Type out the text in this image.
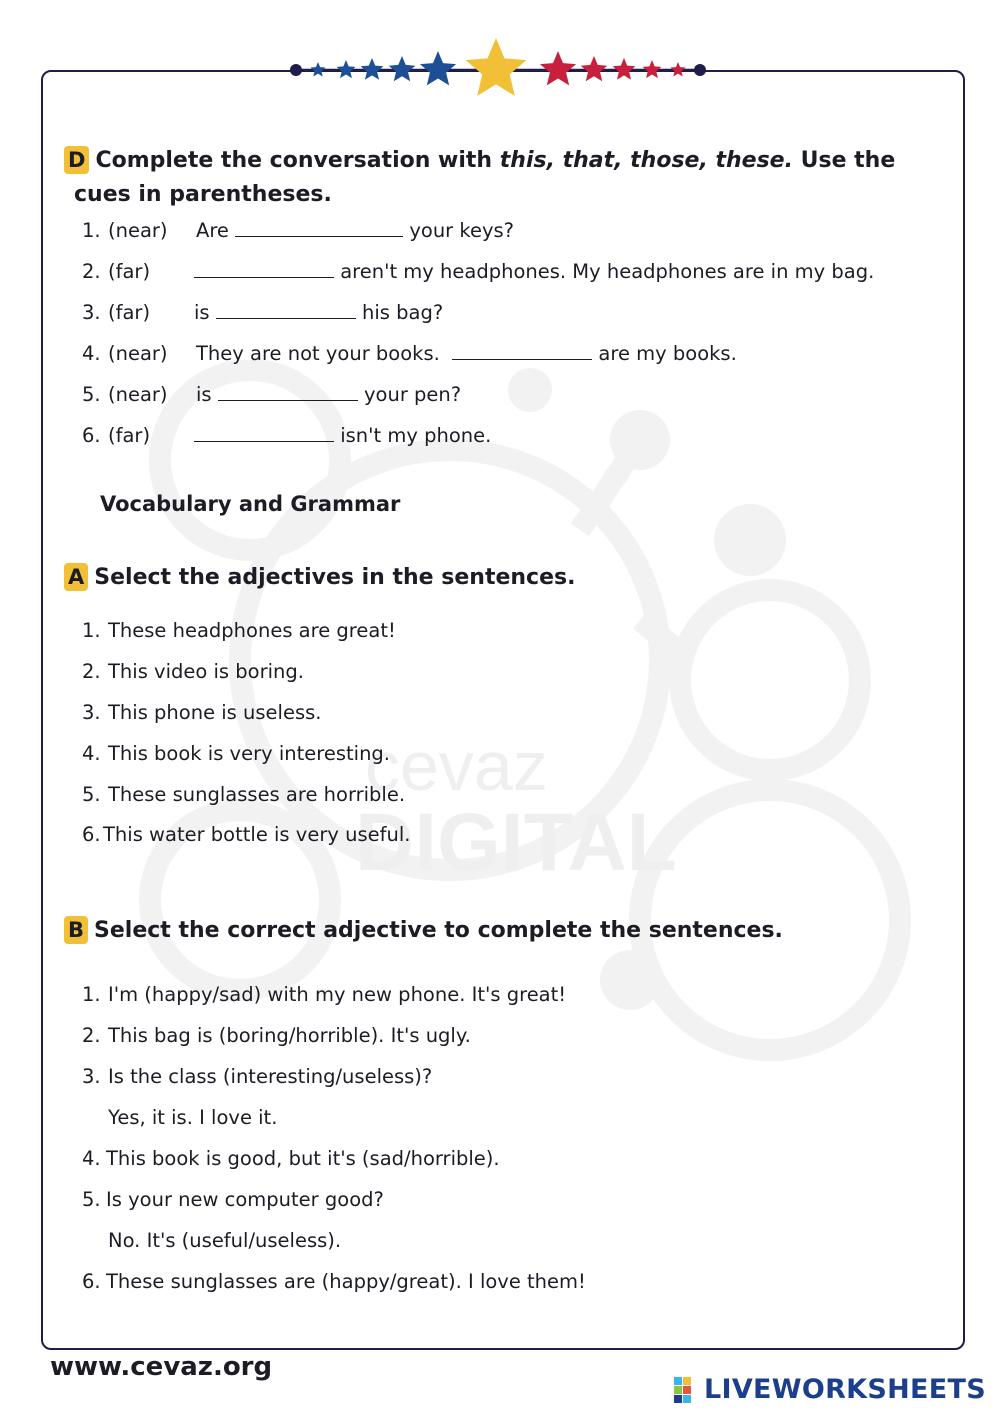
cevaz
DIGITAL
D Complete the conversation with this, that, those, these. Use the
cues in parentheses.
1. (near) Are	your keys?
2. (far)	aren't my headphones. My headphones are in my bag.
3. (far) is	his bag?
4. (near) They are not your books.	are my books.
5. (near) is	your pen?
6. (far)	isn't my phone.
Vocabulary and Grammar
A Select the adjectives in the sentences.
1. These headphones are great!
2. This video is boring.
3. This phone is useless.
4. This book is very interesting.
5. These sunglasses are horrible.
6. This water bottle is very useful.
B Select the correct adjective to complete the sentences.
1. I'm (happy/sad) with my new phone. It's great!
2. This bag is (boring/horrible). It's ugly.
3. Is the class (interesting/useless)?
Yes, it is. I love it.
4. This book is good, but it's (sad/horrible).
5. Is your new computer good?
No. It's (useful/useless).
6. These sunglasses are (happy/great). I love them!
www.cevaz.org
LIVEWORKSHEETS
